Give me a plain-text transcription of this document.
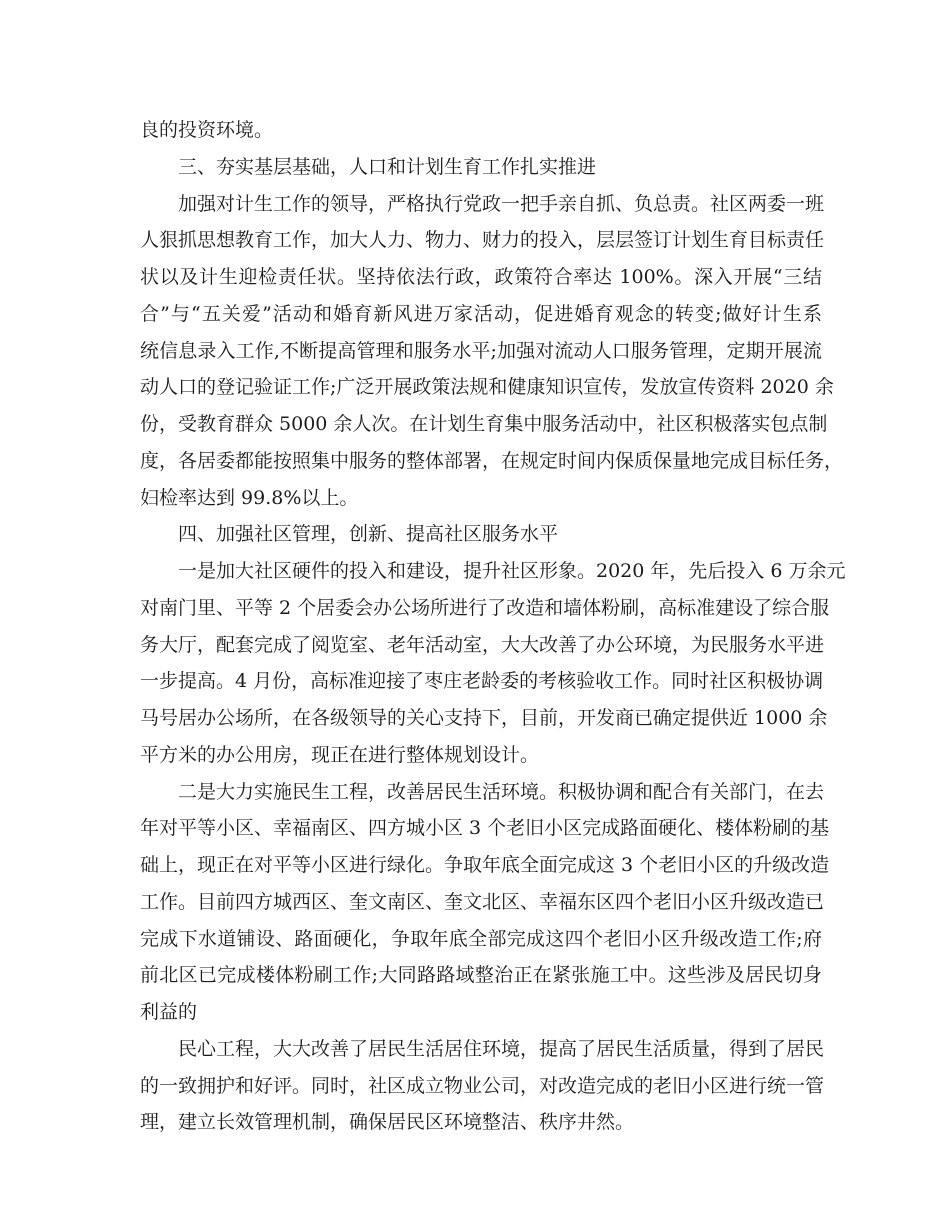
良的投资环境。
三、夯实基层基础，人口和计划生育工作扎实推进
加强对计生工作的领导，严格执行党政一把手亲自抓、负总责。社区两委一班
人狠抓思想教育工作，加大人力、物力、财力的投入，层层签订计划生育目标责任
状以及计生迎检责任状。坚持依法行政，政策符合率达 100%。深入开展“三结
合”与“五关爱”活动和婚育新风进万家活动，促进婚育观念的转变;做好计生系
统信息录入工作,不断提高管理和服务水平;加强对流动人口服务管理，定期开展流
动人口的登记验证工作;广泛开展政策法规和健康知识宣传，发放宣传资料 2020 余
份，受教育群众 5000 余人次。在计划生育集中服务活动中，社区积极落实包点制
度，各居委都能按照集中服务的整体部署，在规定时间内保质保量地完成目标任务，
妇检率达到 99.8%以上。
四、加强社区管理，创新、提高社区服务水平
一是加大社区硬件的投入和建设，提升社区形象。2020 年，先后投入 6 万余元
对南门里、平等 2 个居委会办公场所进行了改造和墙体粉刷，高标准建设了综合服
务大厅，配套完成了阅览室、老年活动室，大大改善了办公环境，为民服务水平进
一步提高。4 月份，高标准迎接了枣庄老龄委的考核验收工作。同时社区积极协调
马号居办公场所，在各级领导的关心支持下，目前，开发商已确定提供近 1000 余
平方米的办公用房，现正在进行整体规划设计。
二是大力实施民生工程，改善居民生活环境。积极协调和配合有关部门，在去
年对平等小区、幸福南区、四方城小区 3 个老旧小区完成路面硬化、楼体粉刷的基
础上，现正在对平等小区进行绿化。争取年底全面完成这 3 个老旧小区的升级改造
工作。目前四方城西区、奎文南区、奎文北区、幸福东区四个老旧小区升级改造已
完成下水道铺设、路面硬化，争取年底全部完成这四个老旧小区升级改造工作;府
前北区已完成楼体粉刷工作;大同路路域整治正在紧张施工中。这些涉及居民切身
利益的
民心工程，大大改善了居民生活居住环境，提高了居民生活质量，得到了居民
的一致拥护和好评。同时，社区成立物业公司，对改造完成的老旧小区进行统一管
理，建立长效管理机制，确保居民区环境整洁、秩序井然。
